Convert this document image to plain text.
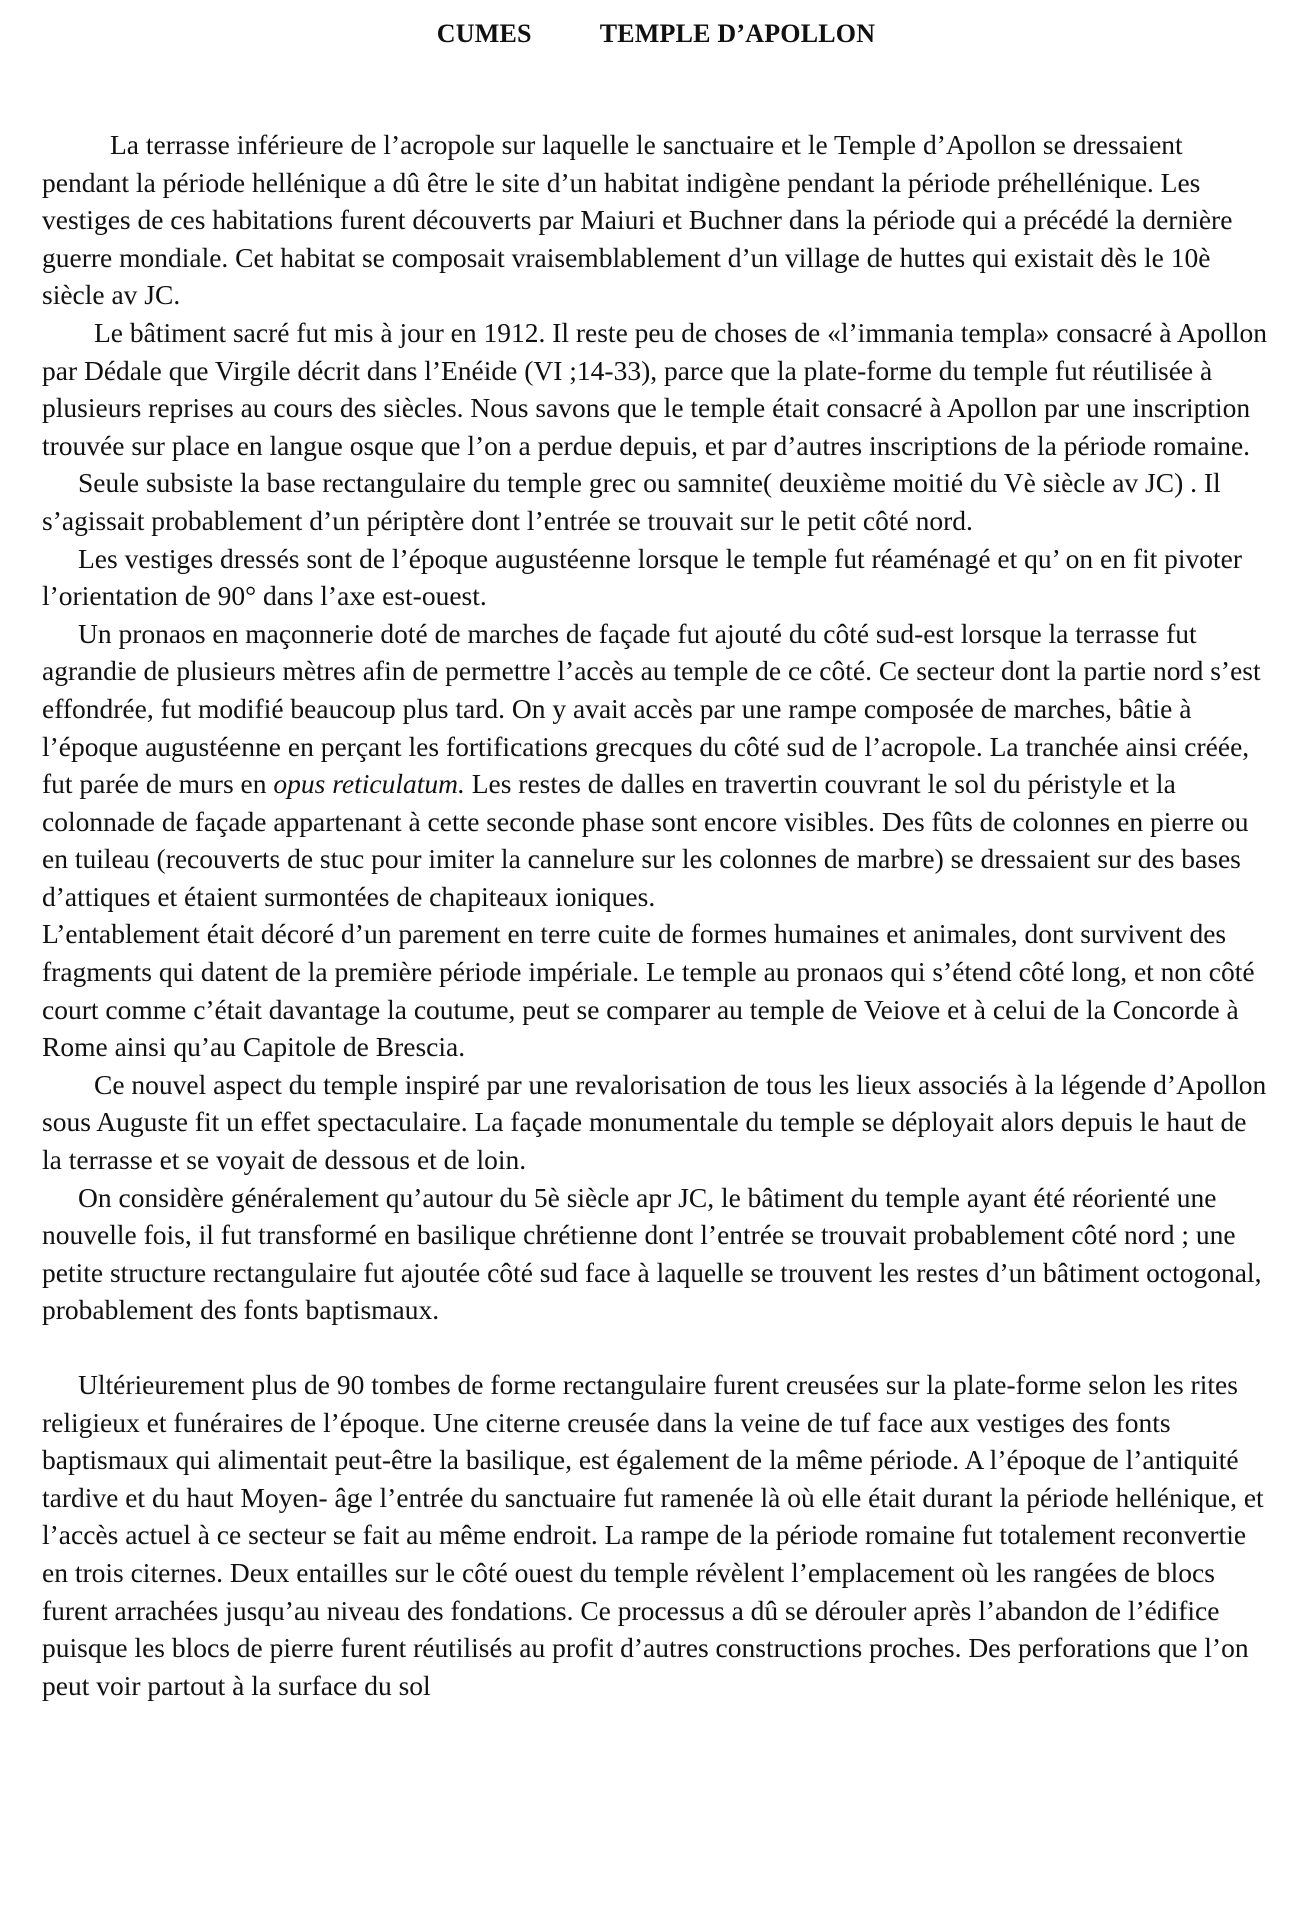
CUMES	TEMPLE D’APOLLON

La terrasse inférieure de l’acropole sur laquelle le sanctuaire et le Temple d’Apollon se dressaient pendant la période hellénique a dû être le site d’un habitat indigène pendant la période préhellénique. Les vestiges de ces habitations furent découverts par Maiuri et Buchner dans la période qui a précédé la dernière guerre mondiale. Cet habitat se composait vraisemblablement d’un village de huttes qui existait dès le 10è siècle av JC.

Le bâtiment sacré fut mis à jour en 1912. Il reste peu de choses de «l’immania templa» consacré à Apollon par Dédale que Virgile décrit dans l’Enéide (VI ;14-33), parce que la plate-forme du temple fut réutilisée à plusieurs reprises au cours des siècles. Nous savons que le temple était consacré à Apollon par une inscription trouvée sur place en langue osque que l’on a perdue depuis, et par d’autres inscriptions de la période romaine.

Seule subsiste la base rectangulaire du temple grec ou samnite( deuxième moitié du Vè siècle av JC) . Il s’agissait probablement d’un périptère dont l’entrée se trouvait sur le petit côté nord.

Les vestiges dressés sont de l’époque augustéenne lorsque le temple fut réaménagé et qu’ on en fit pivoter l’orientation de 90° dans l’axe est-ouest.

Un pronaos en maçonnerie doté de marches de façade fut ajouté du côté sud-est lorsque la terrasse fut agrandie de plusieurs mètres afin de permettre l’accès au temple de ce côté. Ce secteur dont la partie nord s’est effondrée, fut modifié beaucoup plus tard. On y avait accès par une rampe composée de marches, bâtie à l’époque augustéenne en perçant les fortifications grecques du côté sud de l’acropole. La tranchée ainsi créée, fut parée de murs en opus reticulatum. Les restes de dalles en travertin couvrant le sol du péristyle et la colonnade de façade appartenant à cette seconde phase sont encore visibles. Des fûts de colonnes en pierre ou en tuileau (recouverts de stuc pour imiter la cannelure sur les colonnes de marbre) se dressaient sur des bases d’attiques et étaient surmontées de chapiteaux ioniques.

L’entablement était décoré d’un parement en terre cuite de formes humaines et animales, dont survivent des fragments qui datent de la première période impériale. Le temple au pronaos qui s’étend côté long, et non côté court comme c’était davantage la coutume, peut se comparer au temple de Veiove et à celui de la Concorde à Rome ainsi qu’au Capitole de Brescia.

Ce nouvel aspect du temple inspiré par une revalorisation de tous les lieux associés à la légende d’Apollon sous Auguste fit un effet spectaculaire. La façade monumentale du temple se déployait alors depuis le haut de la terrasse et se voyait de dessous et de loin.

On considère généralement qu’autour du 5è siècle apr JC, le bâtiment du temple ayant été réorienté une nouvelle fois, il fut transformé en basilique chrétienne dont l’entrée se trouvait probablement côté nord ; une petite structure rectangulaire fut ajoutée côté sud face à laquelle se trouvent les restes d’un bâtiment octogonal, probablement des fonts baptismaux.

Ultérieurement plus de 90 tombes de forme rectangulaire furent creusées sur la plate-forme selon les rites religieux et funéraires de l’époque. Une citerne creusée dans la veine de tuf face aux vestiges des fonts baptismaux qui alimentait peut-être la basilique, est également de la même période. A l’époque de l’antiquité tardive et du haut Moyen- âge l’entrée du sanctuaire fut ramenée là où elle était durant la période hellénique, et l’accès actuel à ce secteur se fait au même endroit. La rampe de la période romaine fut totalement reconvertie en trois citernes. Deux entailles sur le côté ouest du temple révèlent l’emplacement où les rangées de blocs furent arrachées jusqu’au niveau des fondations. Ce processus a dû se dérouler après l’abandon de l’édifice puisque les blocs de pierre furent réutilisés au profit d’autres constructions proches. Des perforations que l’on peut voir partout à la surface du sol
